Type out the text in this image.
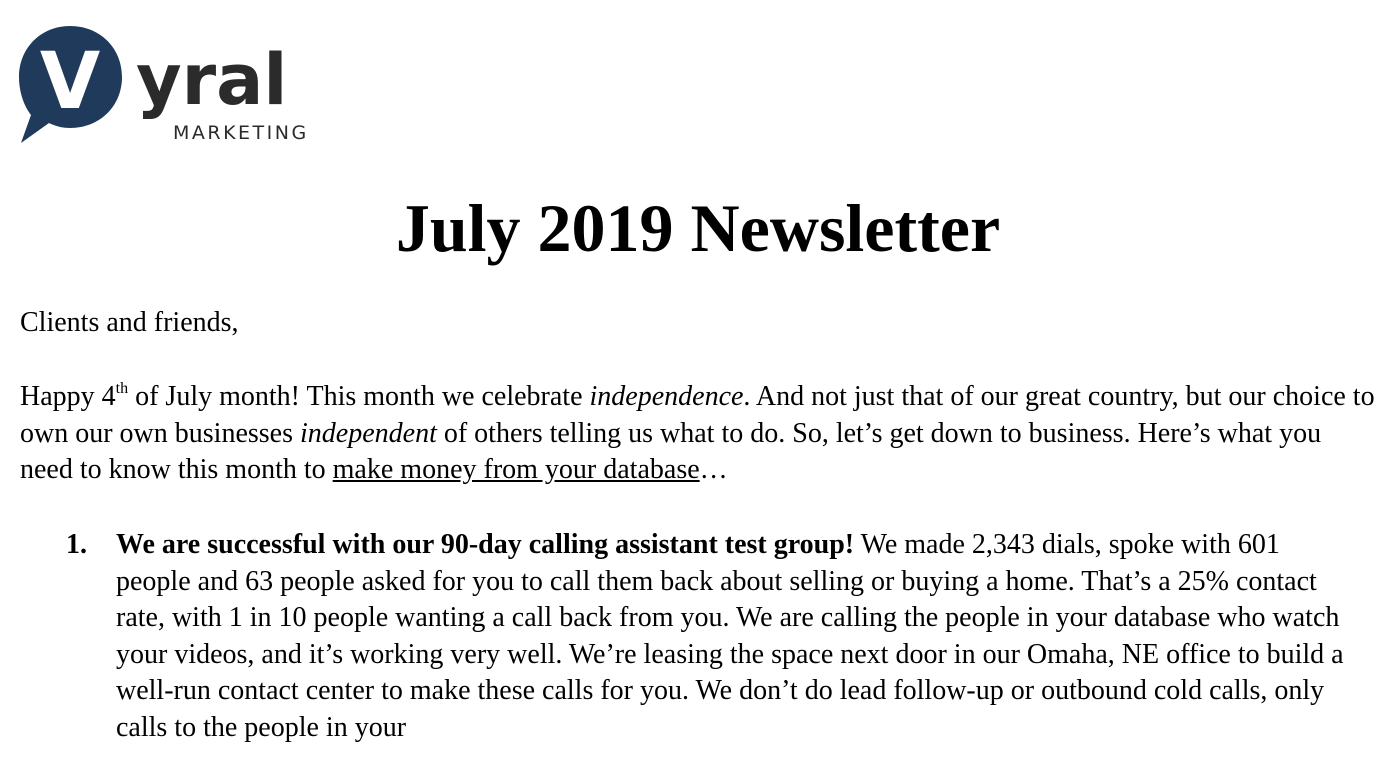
V yral
MARKETING
July 2019 Newsletter

Clients and friends,

Happy 4th of July month! This month we celebrate independence. And not just that of our great country, but our choice to own our own businesses independent of others telling us what to do. So, let’s get down to business. Here’s what you need to know this month to make money from your database…

1.	We are successful with our 90-day calling assistant test group! We made 2,343 dials, spoke with 601 people and 63 people asked for you to call them back about selling or buying a home. That’s a 25% contact rate, with 1 in 10 people wanting a call back from you. We are calling the people in your database who watch your videos, and it’s working very well. We’re leasing the space next door in our Omaha, NE office to build a well-run contact center to make these calls for you. We don’t do lead follow-up or outbound cold calls, only calls to the people in your
